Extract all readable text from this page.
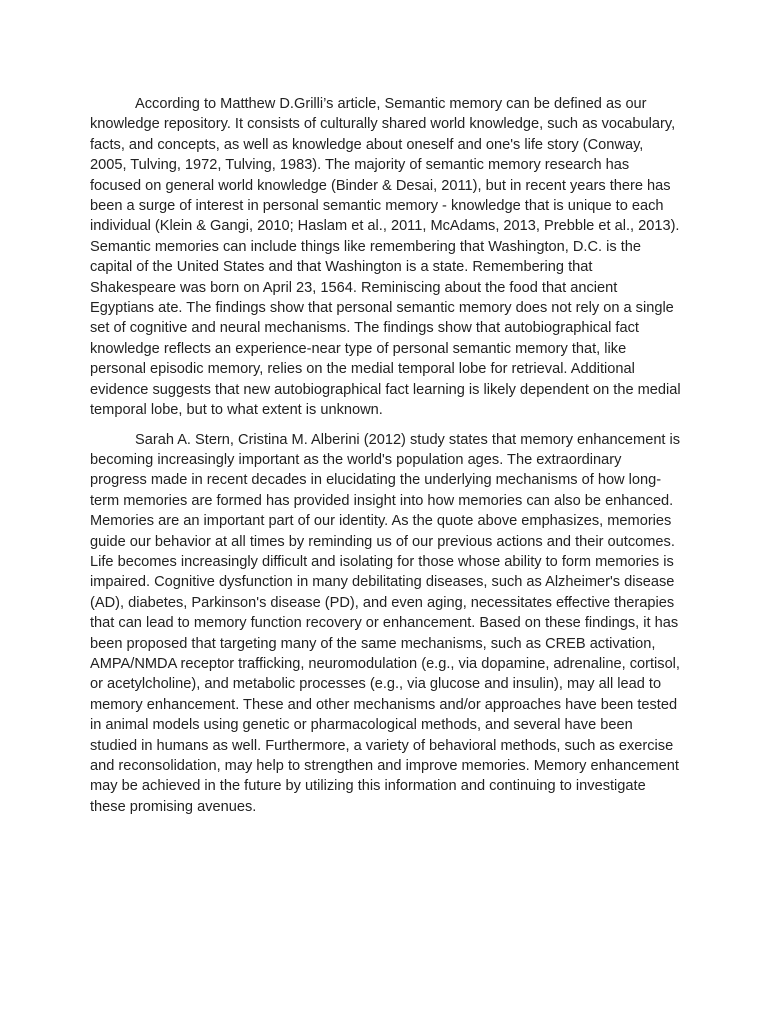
According to Matthew D.Grilli’s article, Semantic memory can be defined as our knowledge repository. It consists of culturally shared world knowledge, such as vocabulary, facts, and concepts, as well as knowledge about oneself and one's life story (Conway, 2005, Tulving, 1972, Tulving, 1983). The majority of semantic memory research has focused on general world knowledge (Binder & Desai, 2011), but in recent years there has been a surge of interest in personal semantic memory - knowledge that is unique to each individual (Klein & Gangi, 2010; Haslam et al., 2011, McAdams, 2013, Prebble et al., 2013). Semantic memories can include things like remembering that Washington, D.C. is the capital of the United States and that Washington is a state. Remembering that Shakespeare was born on April 23, 1564. Reminiscing about the food that ancient Egyptians ate. The findings show that personal semantic memory does not rely on a single set of cognitive and neural mechanisms. The findings show that autobiographical fact knowledge reflects an experience-near type of personal semantic memory that, like personal episodic memory, relies on the medial temporal lobe for retrieval. Additional evidence suggests that new autobiographical fact learning is likely dependent on the medial temporal lobe, but to what extent is unknown.

Sarah A. Stern, Cristina M. Alberini (2012) study states that memory enhancement is becoming increasingly important as the world's population ages. The extraordinary progress made in recent decades in elucidating the underlying mechanisms of how long-term memories are formed has provided insight into how memories can also be enhanced. Memories are an important part of our identity. As the quote above emphasizes, memories guide our behavior at all times by reminding us of our previous actions and their outcomes. Life becomes increasingly difficult and isolating for those whose ability to form memories is impaired. Cognitive dysfunction in many debilitating diseases, such as Alzheimer's disease (AD), diabetes, Parkinson's disease (PD), and even aging, necessitates effective therapies that can lead to memory function recovery or enhancement. Based on these findings, it has been proposed that targeting many of the same mechanisms, such as CREB activation, AMPA/NMDA receptor trafficking, neuromodulation (e.g., via dopamine, adrenaline, cortisol, or acetylcholine), and metabolic processes (e.g., via glucose and insulin), may all lead to memory enhancement. These and other mechanisms and/or approaches have been tested in animal models using genetic or pharmacological methods, and several have been studied in humans as well. Furthermore, a variety of behavioral methods, such as exercise and reconsolidation, may help to strengthen and improve memories. Memory enhancement may be achieved in the future by utilizing this information and continuing to investigate these promising avenues.
